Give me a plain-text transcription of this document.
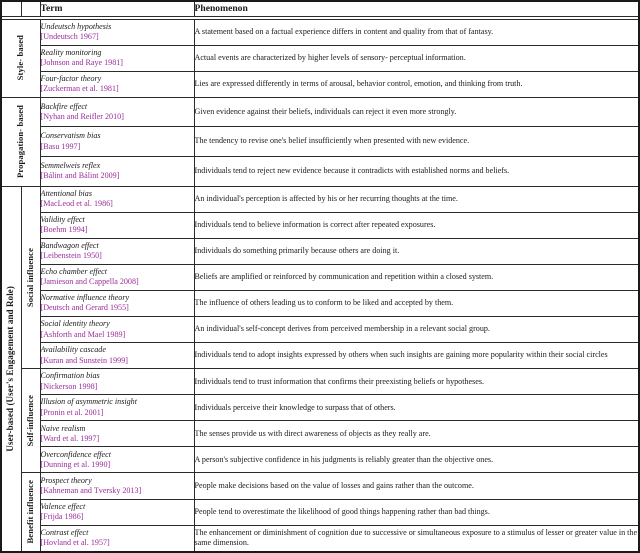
		Term	Phenomenon

Style- based		Undeutsch hypothesis
[Undeutsch 1967]	A statement based on a factual experience differs in content and quality from that of fantasy.

		Reality monitoring
[Johnson and Raye 1981]	Actual events are characterized by higher levels of sensory- perceptual information.

		Four-factor theory
[Zuckerman et al. 1981]	Lies are expressed differently in terms of arousal, behavior control, emotion, and thinking from truth.

Propagation- based		Backfire effect
[Nyhan and Reifler 2010]	Given evidence against their beliefs, individuals can reject it even more strongly.

		Conservatism bias
[Basu 1997]	The tendency to revise one's belief insufficiently when presented with new evidence.

		Semmelweis reflex
[Bálint and Bálint 2009]	Individuals tend to reject new evidence because it contradicts with established norms and beliefs.

User-based (User's Engagement and Role)	Social influence	Attentional bias
[MacLeod et al. 1986]	An individual's perception is affected by his or her recurring thoughts at the time.

		Validity effect
[Boehm 1994]	Individuals tend to believe information is correct after repeated exposures.

		Bandwagon effect
[Leibenstein 1950]	Individuals do something primarily because others are doing it.

		Echo chamber effect
[Jamieson and Cappella 2008]	Beliefs are amplified or reinforced by communication and repetition within a closed system.

		Normative influence theory
[Deutsch and Gerard 1955]	The influence of others leading us to conform to be liked and accepted by them.

		Social identity theory
[Ashforth and Mael 1989]	An individual's self-concept derives from perceived membership in a relevant social group.

		Availability cascade
[Kuran and Sunstein 1999]	Individuals tend to adopt insights expressed by others when such insights are gaining more popularity within their social circles

	Self-influence	Confirmation bias
[Nickerson 1998]	Individuals tend to trust information that confirms their preexisting beliefs or hypotheses.

		Illusion of asymmetric insight
[Pronin et al. 2001]	Individuals perceive their knowledge to surpass that of others.

		Naive realism
[Ward et al. 1997]	The senses provide us with direct awareness of objects as they really are.

		Overconfidence effect
[Dunning et al. 1990]	A person's subjective confidence in his judgments is reliably greater than the objective ones.

	Benefit influence	Prospect theory
[Kahneman and Tversky 2013]	People make decisions based on the value of losses and gains rather than the outcome.

		Valence effect
[Frijda 1986]	People tend to overestimate the likelihood of good things happening rather than bad things.

		Contrast effect
[Hovland et al. 1957]	The enhancement or diminishment of cognition due to successive or simultaneous exposure to a stimulus of lesser or greater value in the same dimension.
